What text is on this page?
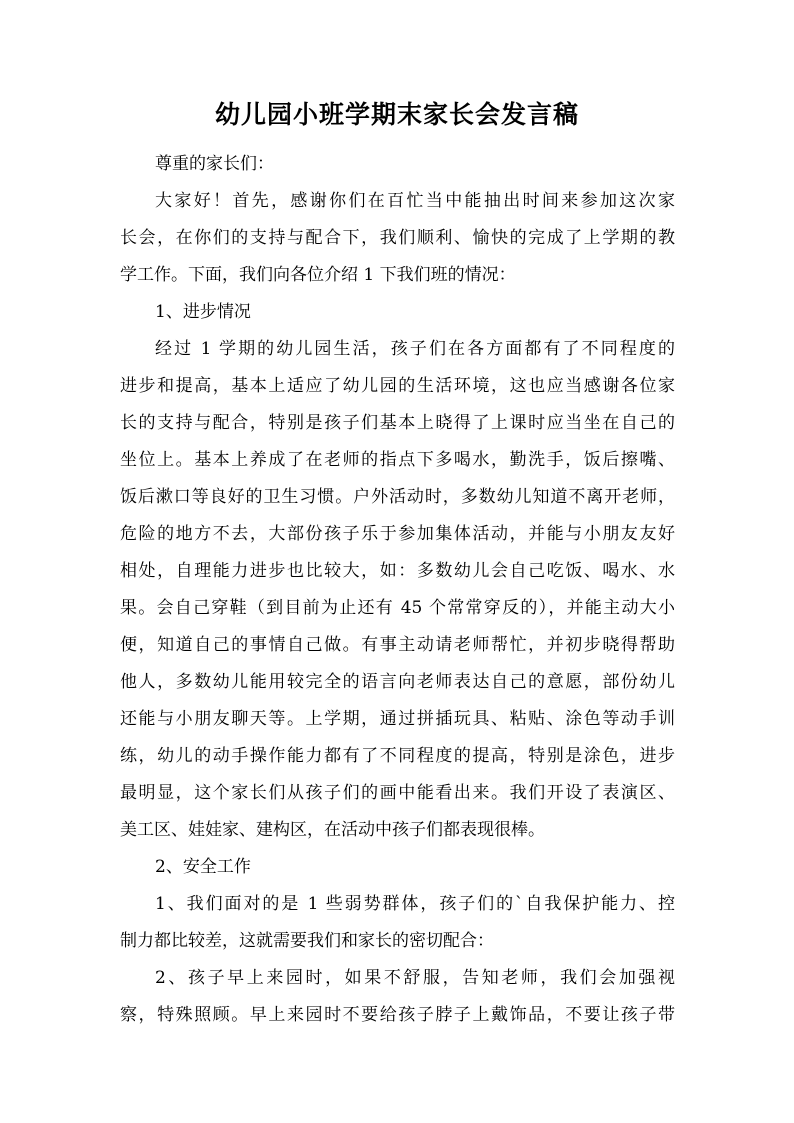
幼儿园小班学期末家长会发言稿

尊重的家长们：

大家好！首先，感谢你们在百忙当中能抽出时间来参加这次家

长会，在你们的支持与配合下，我们顺利、愉快的完成了上学期的教

学工作。下面，我们向各位介绍 1 下我们班的情况：

1、进步情况

经过 1 学期的幼儿园生活，孩子们在各方面都有了不同程度的

进步和提高，基本上适应了幼儿园的生活环境，这也应当感谢各位家

长的支持与配合，特别是孩子们基本上晓得了上课时应当坐在自己的

坐位上。基本上养成了在老师的指点下多喝水，勤洗手，饭后擦嘴、

饭后漱口等良好的卫生习惯。户外活动时，多数幼儿知道不离开老师，

危险的地方不去，大部份孩子乐于参加集体活动，并能与小朋友友好

相处，自理能力进步也比较大，如：多数幼儿会自己吃饭、喝水、水

果。会自己穿鞋（到目前为止还有 45 个常常穿反的），并能主动大小

便，知道自己的事情自己做。有事主动请老师帮忙，并初步晓得帮助

他人，多数幼儿能用较完全的语言向老师表达自己的意愿，部份幼儿

还能与小朋友聊天等。上学期，通过拼插玩具、粘贴、涂色等动手训

练，幼儿的动手操作能力都有了不同程度的提高，特别是涂色，进步

最明显，这个家长们从孩子们的画中能看出来。我们开设了表演区、

美工区、娃娃家、建构区，在活动中孩子们都表现很棒。

2、安全工作

1、我们面对的是 1 些弱势群体，孩子们的`自我保护能力、控

制力都比较差，这就需要我们和家长的密切配合：

2、孩子早上来园时，如果不舒服，告知老师，我们会加强视

察，特殊照顾。早上来园时不要给孩子脖子上戴饰品，不要让孩子带
